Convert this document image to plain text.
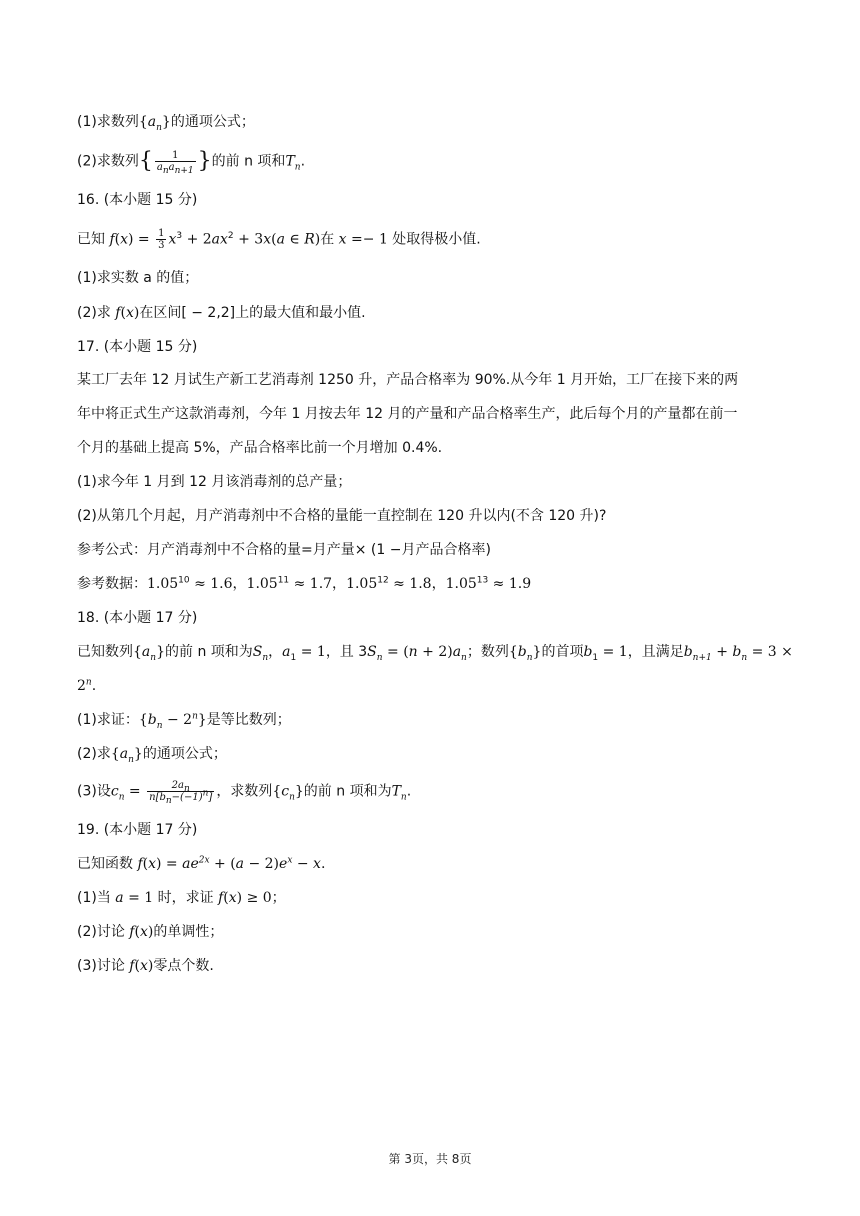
(1)求数列$\{a_n\}$的通项公式；
(2)求数列{ $\frac{1}{a_na_{n+1}}$ }的前 n 项和$T_n$.
16. (本小题 15 分)
已知 $f(x) = \frac{1}{3} x^3 + 2ax^2 + 3x(a$ ∈ R)在 x =− 1 处取得极小值.
(1)求实数 a 的值；
(2)求 f(x)在区间[ − 2,2]上的最大值和最小值.
17. (本小题 15 分)
某工厂去年 12 月试生产新工艺消毒剂 1250 升，产品合格率为 90%.从今年 1 月开始，工厂在接下来的两
年中将正式生产这款消毒剂，今年 1 月按去年 12 月的产量和产品合格率生产，此后每个月的产量都在前一
个月的基础上提高 5%，产品合格率比前一个月增加 0.4%.
(1)求今年 1 月到 12 月该消毒剂的总产量；
(2)从第几个月起，月产消毒剂中不合格的量能一直控制在 120 升以内(不含 120 升)?
参考公式：月产消毒剂中不合格的量=月产量× (1 −月产品合格率)
参考数据：$1.05^{10} \approx 1.6$，$1.05^{11} \approx 1.7$，$1.05^{12} \approx 1.8$，$1.05^{13} \approx 1.9$
18. (本小题 17 分)
已知数列$\{a_n\}$的前 n 项和为$S_n$，$a_1 = 1$，且 $3S_n = (n + 2)a_n$；数列$\{b_n\}$的首项$b_1 = 1$，且满足$b_{n+1} + b_n = 3$ ×
$2^n$.
(1)求证：$\{b_n - 2^n\}$是等比数列；
(2)求$\{a_n\}$的通项公式；
(3)设$c_n = \frac{2a_n}{n[b_n-(-1)^n]}$ ，求数列$\{c_n\}$的前 n 项和为$T_n$.
19. (本小题 17 分)
已知函数 $f(x) = ae^{2x} + (a - 2)e^x - x$.
(1)当 a = 1 时，求证 f(x) ≥ 0；
(2)讨论 f(x)的单调性；
(3)讨论 f(x)零点个数.
第 3页，共 8页
